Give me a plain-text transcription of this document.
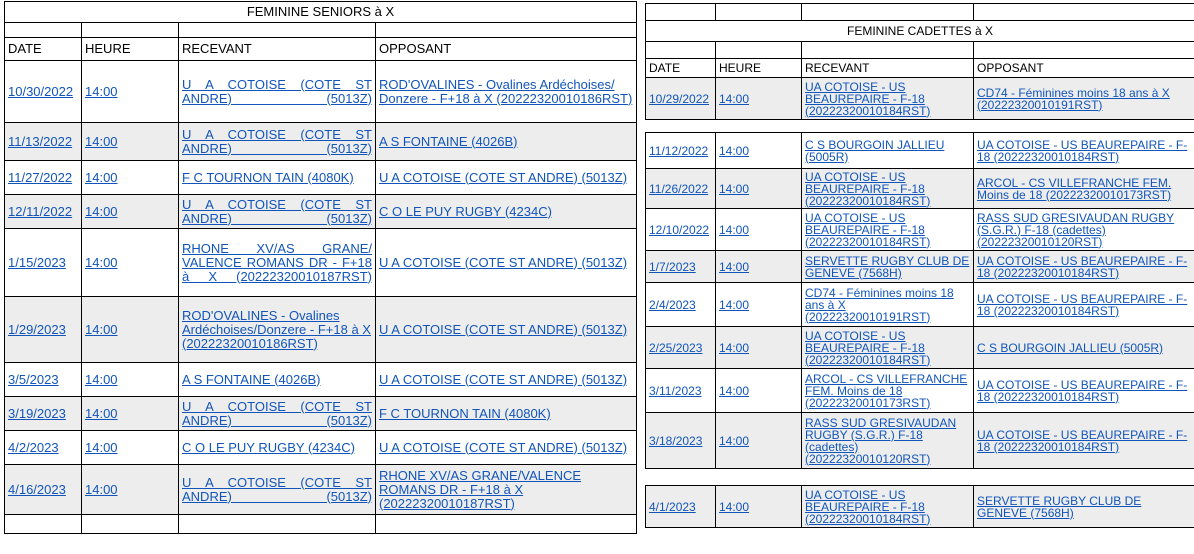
FEMININE SENIORS à X			

DATE	HEURE	RECEVANT	OPPOSANT
10/30/2022	14:00	U A COTOISE (COTE ST ANDRE) (5013Z)	ROD'OVALINES - Ovalines Ardéchoises/ Donzere - F+18 à X (20222320010186RST)
11/13/2022	14:00	U A COTOISE (COTE ST ANDRE) (5013Z)	A S FONTAINE (4026B)
11/27/2022	14:00	F C TOURNON TAIN (4080K)	U A COTOISE (COTE ST ANDRE) (5013Z)
12/11/2022	14:00	U A COTOISE (COTE ST ANDRE) (5013Z)	C O LE PUY RUGBY (4234C)
1/15/2023	14:00	RHONE XV/AS GRANE/ VALENCE ROMANS DR - F+18 à X (20222320010187RST)	U A COTOISE (COTE ST ANDRE) (5013Z)
1/29/2023	14:00	ROD'OVALINES - Ovalines Ardéchoises/Donzere - F+18 à X (20222320010186RST)	U A COTOISE (COTE ST ANDRE) (5013Z)
3/5/2023	14:00	A S FONTAINE (4026B)	U A COTOISE (COTE ST ANDRE) (5013Z)
3/19/2023	14:00	U A COTOISE (COTE ST ANDRE) (5013Z)	F C TOURNON TAIN (4080K)
4/2/2023	14:00	C O LE PUY RUGBY (4234C)	U A COTOISE (COTE ST ANDRE) (5013Z)
4/16/2023	14:00	U A COTOISE (COTE ST ANDRE) (5013Z)	RHONE XV/AS GRANE/VALENCE ROMANS DR - F+18 à X (20222320010187RST)

FEMININE CADETTES à X			

DATE	HEURE	RECEVANT	OPPOSANT
10/29/2022	14:00	UA COTOISE - US BEAUREPAIRE - F-18 (20222320010184RST)	CD74 - Féminines moins 18 ans à X (20222320010191RST)

11/12/2022	14:00	C S BOURGOIN JALLIEU (5005R)	UA COTOISE - US BEAUREPAIRE - F-18 (20222320010184RST)
11/26/2022	14:00	UA COTOISE - US BEAUREPAIRE - F-18 (20222320010184RST)	ARCOL - CS VILLEFRANCHE FEM. Moins de 18 (20222320010173RST)
12/10/2022	14:00	UA COTOISE - US BEAUREPAIRE - F-18 (20222320010184RST)	RASS SUD GRESIVAUDAN RUGBY (S.G.R.) F-18 (cadettes) (20222320010120RST)
1/7/2023	14:00	SERVETTE RUGBY CLUB DE GENEVE (7568H)	UA COTOISE - US BEAUREPAIRE - F-18 (20222320010184RST)
2/4/2023	14:00	CD74 - Féminines moins 18 ans à X (20222320010191RST)	UA COTOISE - US BEAUREPAIRE - F-18 (20222320010184RST)
2/25/2023	14:00	UA COTOISE - US BEAUREPAIRE - F-18 (20222320010184RST)	C S BOURGOIN JALLIEU (5005R)
3/11/2023	14:00	ARCOL - CS VILLEFRANCHE FEM. Moins de 18 (20222320010173RST)	UA COTOISE - US BEAUREPAIRE - F-18 (20222320010184RST)
3/18/2023	14:00	RASS SUD GRESIVAUDAN RUGBY (S.G.R.) F-18 (cadettes) (20222320010120RST)	UA COTOISE - US BEAUREPAIRE - F-18 (20222320010184RST)

4/1/2023	14:00	UA COTOISE - US BEAUREPAIRE - F-18 (20222320010184RST)	SERVETTE RUGBY CLUB DE GENEVE (7568H)
